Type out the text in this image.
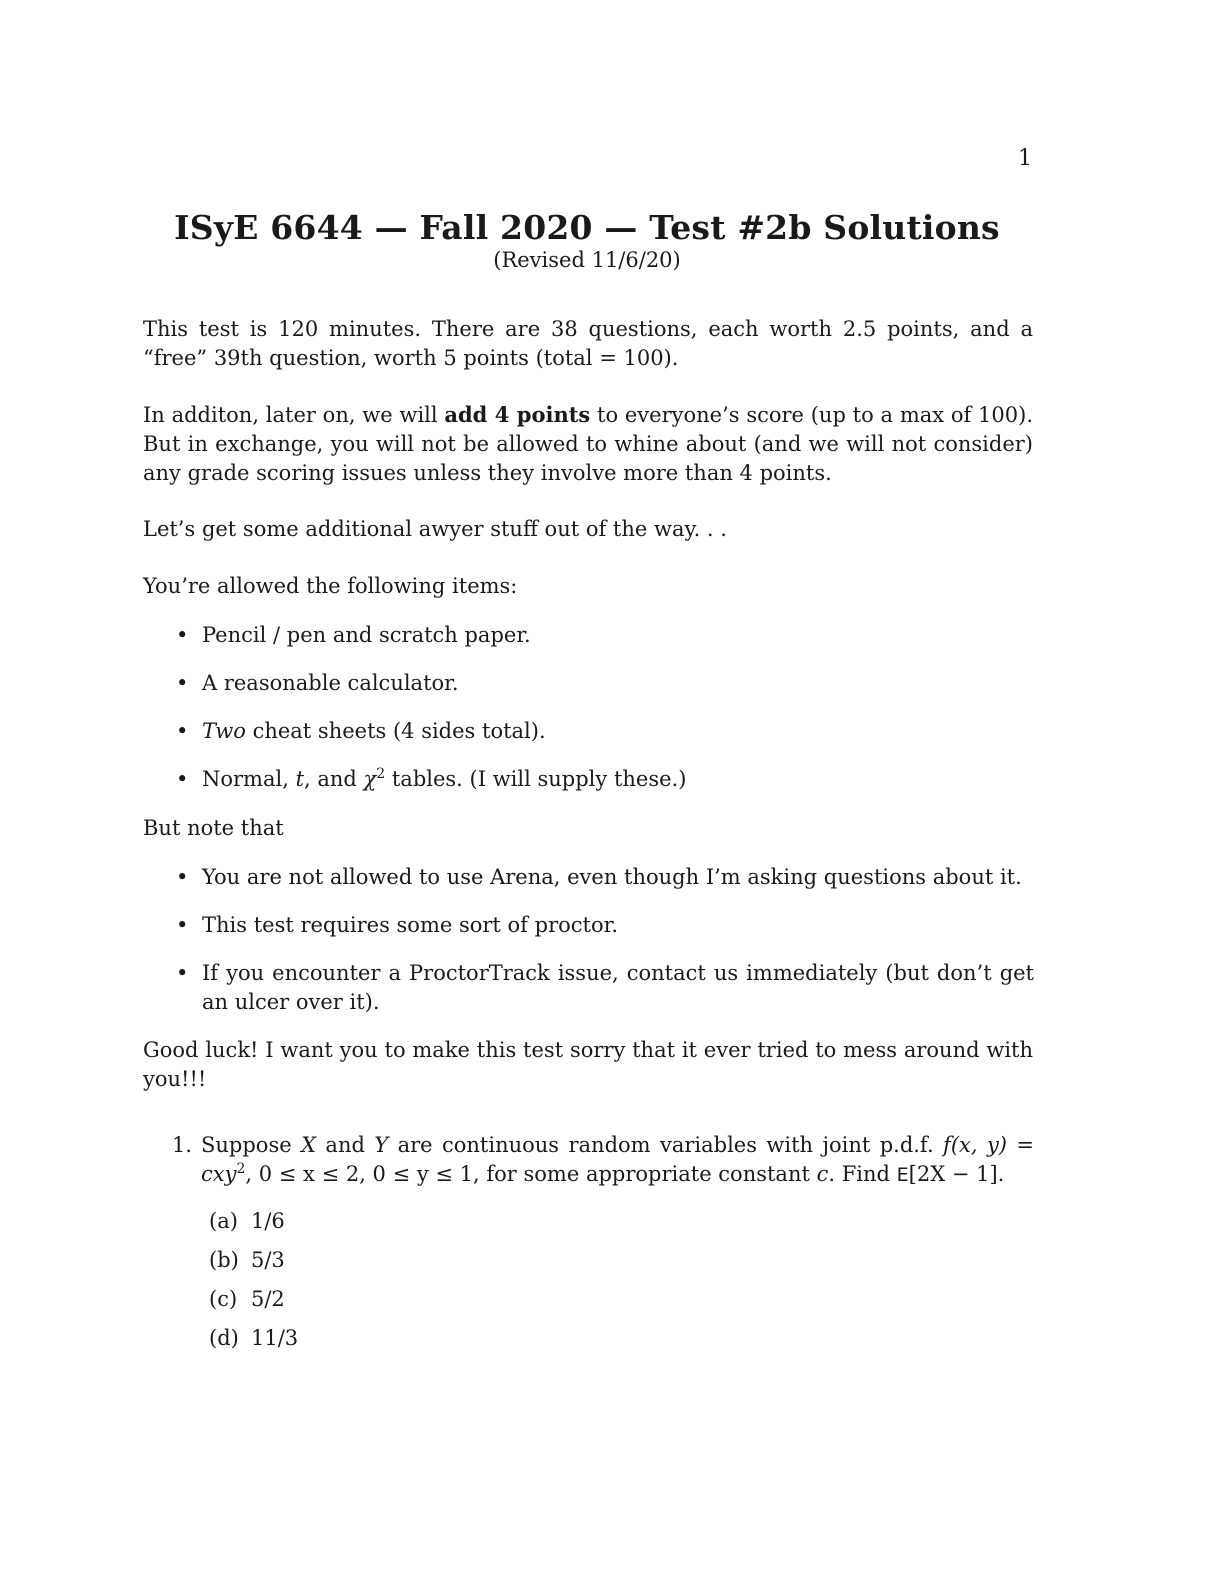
1
ISyE 6644 — Fall 2020 — Test #2b Solutions
(Revised 11/6/20)
This test is 120 minutes. There are 38 questions, each worth 2.5 points, and a “free” 39th question, worth 5 points (total = 100).
In additon, later on, we will add 4 points to everyone’s score (up to a max of 100). But in exchange, you will not be allowed to whine about (and we will not consider) any grade scoring issues unless they involve more than 4 points.
Let’s get some additional awyer stuff out of the way. . .
You’re allowed the following items:
• Pencil / pen and scratch paper.
• A reasonable calculator.
• Two cheat sheets (4 sides total).
• Normal, t, and $\chi^2$ tables. (I will supply these.)
But note that
• You are not allowed to use Arena, even though I’m asking questions about it.
• This test requires some sort of proctor.
• If you encounter a ProctorTrack issue, contact us immediately (but don’t get an ulcer over it).
Good luck! I want you to make this test sorry that it ever tried to mess around with you!!!
1. Suppose X and Y are continuous random variables with joint p.d.f. f(x, y) = cxy$^2$, 0 ≤ x ≤ 2, 0 ≤ y ≤ 1, for some appropriate constant c. Find E[2X − 1].
(a) 1/6
(b) 5/3
(c) 5/2
(d) 11/3
